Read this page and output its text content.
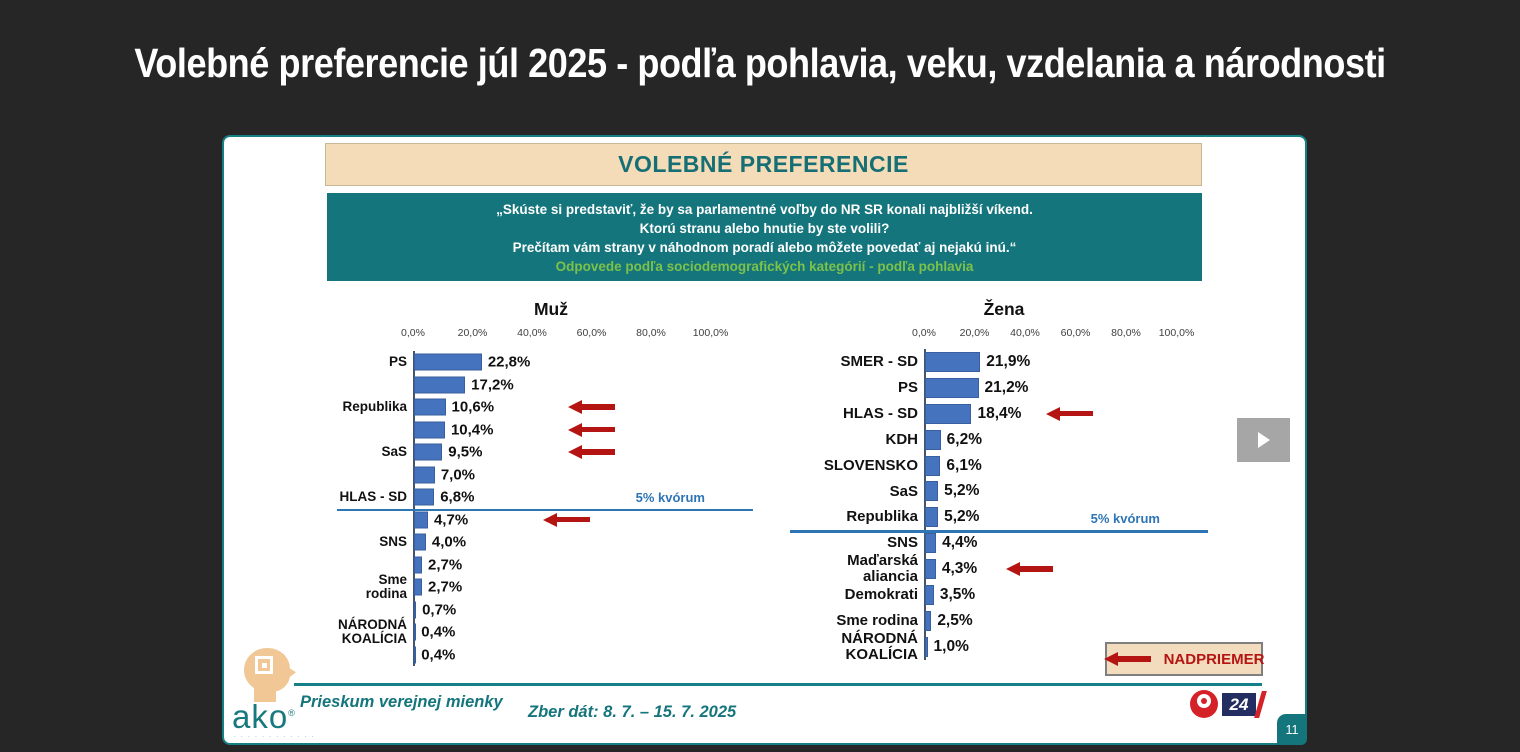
Volebné preferencie júl 2025 - podľa pohlavia, veku, vzdelania a národnosti
VOLEBNÉ PREFERENCIE
„Skúste si predstaviť, že by sa parlamentné voľby do NR SR konali najbližší víkend.
Ktorú stranu alebo hnutie by ste volili?
Prečítam vám strany v náhodnom poradí alebo môžete povedať aj nejakú inú.“
Odpovede podľa sociodemografických kategórií - podľa pohlavia
Muž
0,0%	20,0%	40,0%	60,0%	80,0%	100,0%
PS	22,8%
17,2%
Republika	10,6%
10,4%
SaS	9,5%
7,0%
HLAS - SD 6,8%
4,7%
SNS 4,0%
2,7%
Sme rodina 2,7%
0,7%
NÁRODNÁ KOALÍCIA 0,4%
0,4%
5% kvórum
Žena
0,0%	20,0%	40,0%	60,0%	80,0%	100,0%
SMER - SD	21,9%
PS	21,2%
HLAS - SD	18,4%
KDH 6,2%
SLOVENSKO 6,1%
SaS 5,2%
Republika 5,2%
SNS 4,4%
Maďarská aliancia 4,3%
Demokrati 3,5%
Sme rodina 2,5%
NÁRODNÁ KOALÍCIA 1,0%
5% kvórum
NADPRIEMER
ako®
· · · · · · · · · · · ·
Prieskum verejnej mienky
Zber dát: 8. 7. – 15. 7. 2025	24
11
